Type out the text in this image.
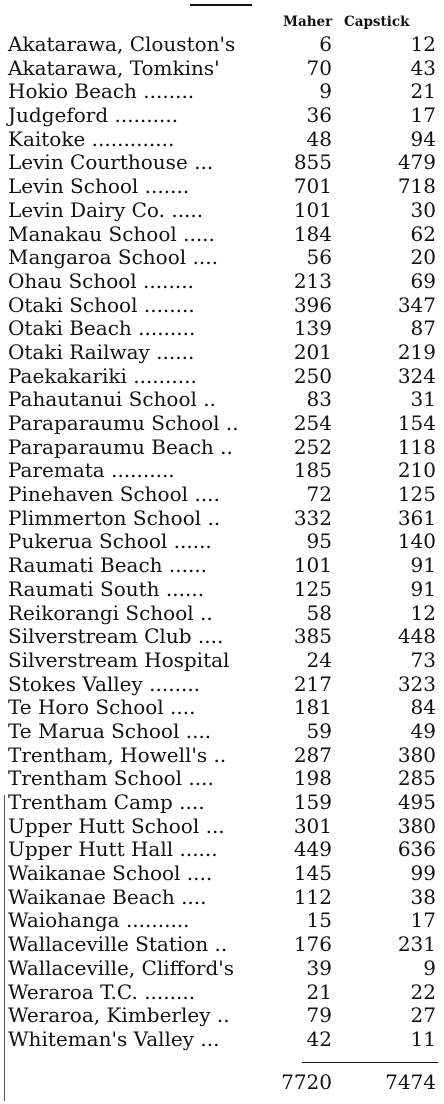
Maher Capstick
Akatarawa, Clouston's	6	12
Akatarawa, Tomkins'	70	43
Hokio Beach ........	9	21
Judgeford ..........	36	17
Kaitoke .............	48	94
Levin Courthouse ...	855	479
Levin School .......	701	718
Levin Dairy Co. .....	101	30
Manakau School .....	184	62
Mangaroa School ....	56	20
Ohau School ........	213	69
Otaki School ........	396	347
Otaki Beach .........	139	87
Otaki Railway ......	201	219
Paekakariki ..........	250	324
Pahautanui School ..	83	31
Paraparaumu School ..	254	154
Paraparaumu Beach ..	252	118
Paremata ..........	185	210
Pinehaven School ....	72	125
Plimmerton School ..	332	361
Pukerua School ......	95	140
Raumati Beach ......	101	91
Raumati South ......	125	91
Reikorangi School ..	58	12
Silverstream Club ....	385	448
Silverstream Hospital	24	73
Stokes Valley ........	217	323
Te Horo School ....	181	84
Te Marua School ....	59	49
Trentham, Howell's ..	287	380
Trentham School ....	198	285
Trentham Camp ....	159	495
Upper Hutt School ...	301	380
Upper Hutt Hall ......	449	636
Waikanae School ....	145	99
Waikanae Beach ....	112	38
Waiohanga ..........	15	17
Wallaceville Station ..	176	231
Wallaceville, Clifford's	39	9
Weraroa T.C. ........	21	22
Weraroa, Kimberley ..	79	27
Whiteman's Valley ...	42	11
7720	7474
